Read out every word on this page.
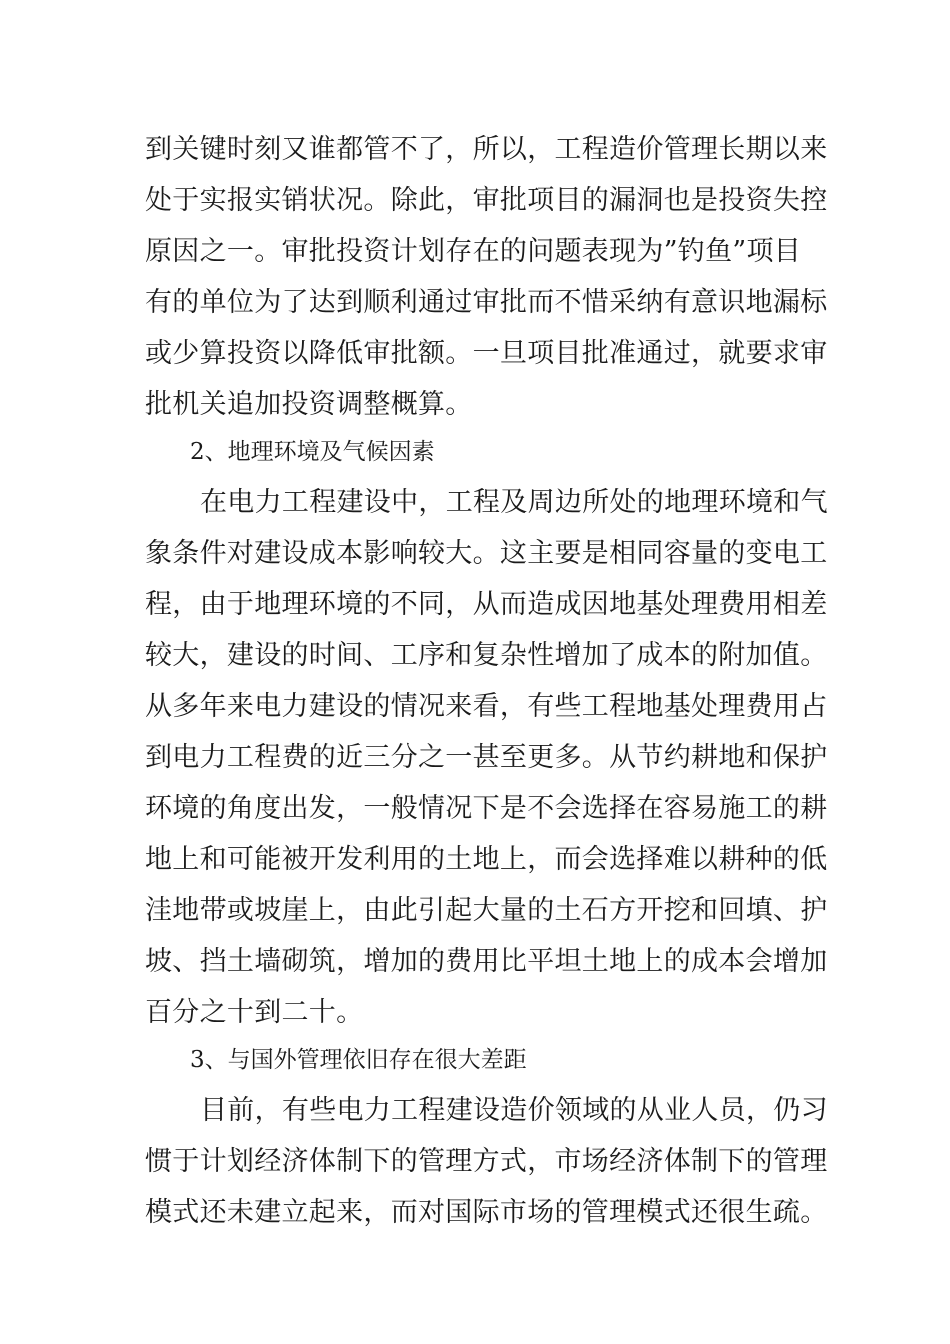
到关键时刻又谁都管不了，所以，工程造价管理长期以来
处于实报实销状况。除此，审批项目的漏洞也是投资失控
原因之一。审批投资计划存在的问题表现为”钓鱼”项目
有的单位为了达到顺利通过审批而不惜采纳有意识地漏标
或少算投资以降低审批额。一旦项目批准通过，就要求审
批机关追加投资调整概算。
2、地理环境及气候因素
在电力工程建设中，工程及周边所处的地理环境和气
象条件对建设成本影响较大。这主要是相同容量的变电工
程，由于地理环境的不同，从而造成因地基处理费用相差
较大，建设的时间、工序和复杂性增加了成本的附加值。
从多年来电力建设的情况来看，有些工程地基处理费用占
到电力工程费的近三分之一甚至更多。从节约耕地和保护
环境的角度出发，一般情况下是不会选择在容易施工的耕
地上和可能被开发利用的土地上，而会选择难以耕种的低
洼地带或坡崖上，由此引起大量的土石方开挖和回填、护
坡、挡土墙砌筑，增加的费用比平坦土地上的成本会增加
百分之十到二十。
3、与国外管理依旧存在很大差距
目前，有些电力工程建设造价领域的从业人员，仍习
惯于计划经济体制下的管理方式，市场经济体制下的管理
模式还未建立起来，而对国际市场的管理模式还很生疏。
